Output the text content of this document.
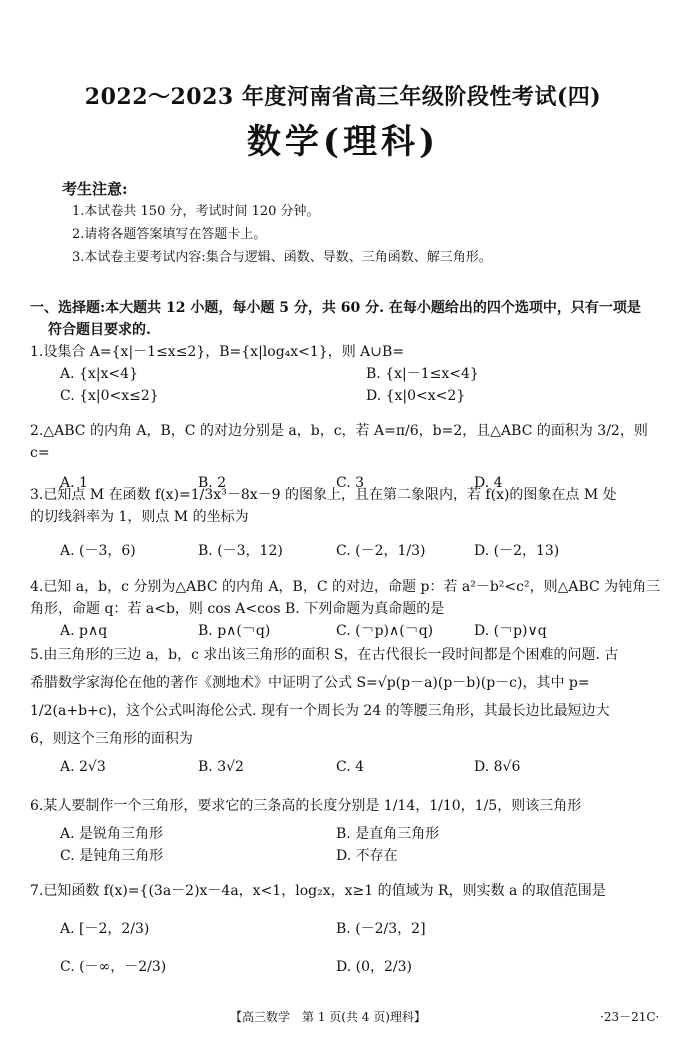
2022～2023 年度河南省高三年级阶段性考试(四)
数学(理科)
考生注意:
1.本试卷共 150 分，考试时间 120 分钟。
2.请将各题答案填写在答题卡上。
3.本试卷主要考试内容:集合与逻辑、函数、导数、三角函数、解三角形。
一、选择题:本大题共 12 小题，每小题 5 分，共 60 分. 在每小题给出的四个选项中，只有一项是
符合题目要求的.
1.设集合 A={x|－1≤x≤2}，B={x|log₄x<1}，则 A∪B=
A. {x|x<4}	B. {x|－1≤x<4}
C. {x|0<x≤2}	D. {x|0<x<2}
2.△ABC 的内角 A，B，C 的对边分别是 a，b，c，若 A=π/6，b=2，且△ABC 的面积为 3/2，则 c=
A. 1	B. 2	C. 3	D. 4
3.已知点 M 在函数 f(x)=1/3x³－8x－9 的图象上，且在第二象限内，若 f(x)的图象在点 M 处
的切线斜率为 1，则点 M 的坐标为
A. (－3，6)	B. (－3，12)	C. (－2，1/3)	D. (－2，13)
4.已知 a，b，c 分别为△ABC 的内角 A，B，C 的对边，命题 p：若 a²－b²<c²，则△ABC 为钝角三
角形，命题 q：若 a<b，则 cos A<cos B. 下列命题为真命题的是
A. p∧q	B. p∧(￢q)	C. (￢p)∧(￢q)	D. (￢p)∨q
5.由三角形的三边 a，b，c 求出该三角形的面积 S，在古代很长一段时间都是个困难的问题. 古
希腊数学家海伦在他的著作《测地术》中证明了公式 S=√p(p－a)(p－b)(p－c)，其中 p=
1/2(a+b+c)，这个公式叫海伦公式. 现有一个周长为 24 的等腰三角形，其最长边比最短边大
6，则这个三角形的面积为
A. 2√3	B. 3√2	C. 4	D. 8√6
6.某人要制作一个三角形，要求它的三条高的长度分别是 1/14，1/10，1/5，则该三角形
A. 是锐角三角形	B. 是直角三角形
C. 是钝角三角形	D. 不存在
7.已知函数 f(x)={(3a－2)x－4a，x<1，log₂x，x≥1 的值域为 R，则实数 a 的取值范围是
A. [－2，2/3)	B. (－2/3，2]
C. (－∞，－2/3)	D. (0，2/3)
【高三数学　第 1 页(共 4 页)理科】	·23－21C·
